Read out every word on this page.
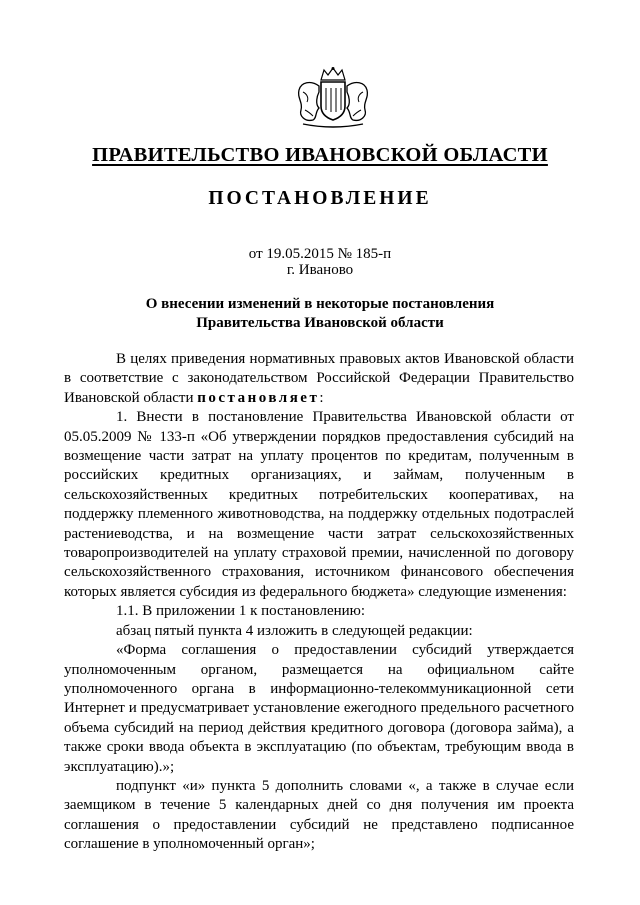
ПРАВИТЕЛЬСТВО ИВАНОВСКОЙ ОБЛАСТИ
ПОСТАНОВЛЕНИЕ
от 19.05.2015 № 185-п
г. Иваново
О внесении изменений в некоторые постановления
Правительства Ивановской области

В целях приведения нормативных правовых актов Ивановской области в соответствие с законодательством Российской Федерации Правительство Ивановской области постановляет:

1. Внести в постановление Правительства Ивановской области от 05.05.2009 № 133-п «Об утверждении порядков предоставления субсидий на возмещение части затрат на уплату процентов по кредитам, полученным в российских кредитных организациях, и займам, полученным в сельскохозяйственных кредитных потребительских кооперативах, на поддержку племенного животноводства, на поддержку отдельных подотраслей растениеводства, и на возмещение части затрат сельскохозяйственных товаропроизводителей на уплату страховой премии, начисленной по договору сельскохозяйственного страхования, источником финансового обеспечения которых является субсидия из федерального бюджета» следующие изменения:

1.1. В приложении 1 к постановлению:

абзац пятый пункта 4 изложить в следующей редакции:

«Форма соглашения о предоставлении субсидий утверждается уполномоченным органом, размещается на официальном сайте уполномоченного органа в информационно-телекоммуникационной сети Интернет и предусматривает установление ежегодного предельного расчетного объема субсидий на период действия кредитного договора (договора займа), а также сроки ввода объекта в эксплуатацию (по объектам, требующим ввода в эксплуатацию).»;

подпункт «и» пункта 5 дополнить словами «, а также в случае если заемщиком в течение 5 календарных дней со дня получения им проекта соглашения о предоставлении субсидий не представлено подписанное соглашение в уполномоченный орган»;
